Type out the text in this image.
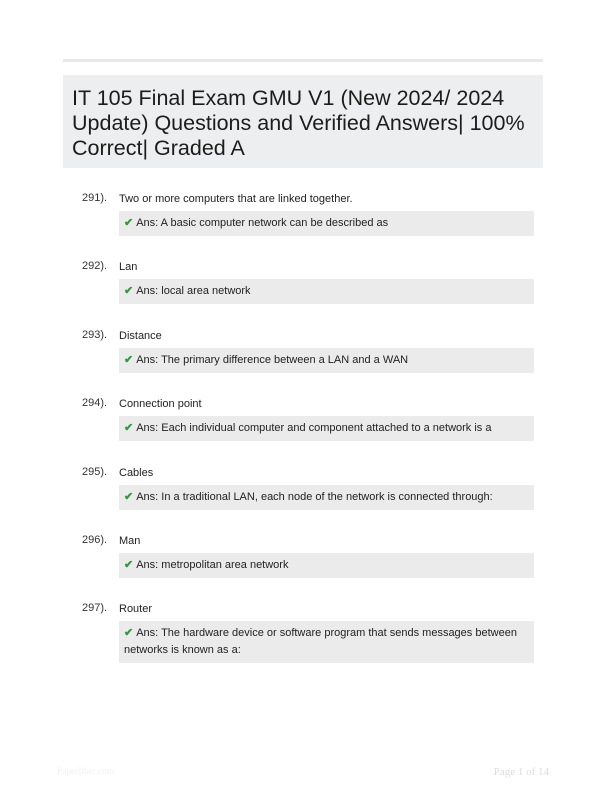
IT 105 Final Exam GMU V1 (New 2024/ 2024 Update) Questions and Verified Answers| 100% Correct| Graded A
291). Two or more computers that are linked together.
✔ Ans: A basic computer network can be described as
292). Lan
✔ Ans: local area network
293). Distance
✔ Ans: The primary difference between a LAN and a WAN
294). Connection point
✔ Ans: Each individual computer and component attached to a network is a
295). Cables
✔ Ans: In a traditional LAN, each node of the network is connected through:
296). Man
✔ Ans: metropolitan area network
297). Router
✔ Ans: The hardware device or software program that sends messages between networks is known as a:
Paperlibic.com	Page 1 of 14
